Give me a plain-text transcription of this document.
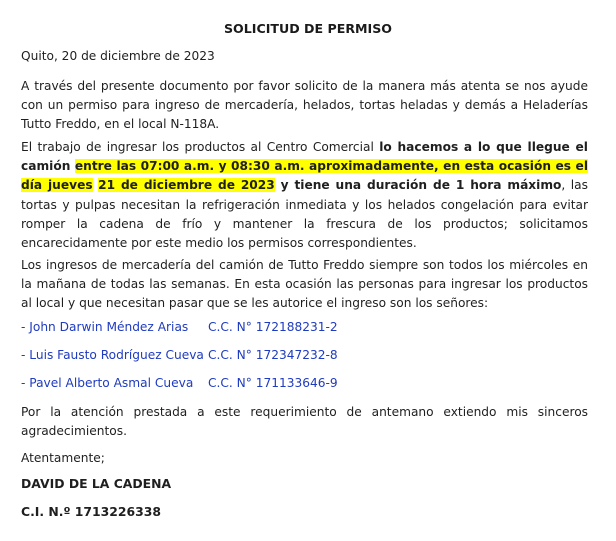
SOLICITUD DE PERMISO
Quito, 20 de diciembre de 2023
A través del presente documento por favor solicito de la manera más atenta se nos ayude con un permiso para ingreso de mercadería, helados, tortas heladas y demás a Heladerías Tutto Freddo, en el local N-118A.
El trabajo de ingresar los productos al Centro Comercial lo hacemos a lo que llegue el camión entre las 07:00 a.m. y 08:30 a.m. aproximadamente, en esta ocasión es el día jueves 21 de diciembre de 2023 y tiene una duración de 1 hora máximo, las tortas y pulpas necesitan la refrigeración inmediata y los helados congelación para evitar romper la cadena de frío y mantener la frescura de los productos; solicitamos encarecidamente por este medio los permisos correspondientes.
Los ingresos de mercadería del camión de Tutto Freddo siempre son todos los miércoles en la mañana de todas las semanas. En esta ocasión las personas para ingresar los productos al local y que necesitan pasar que se les autorice el ingreso son los señores:
- John Darwin Méndez Arias C.C. N° 172188231-2
- Luis Fausto Rodríguez Cueva C.C. N° 172347232-8
- Pavel Alberto Asmal Cueva C.C. N° 171133646-9
Por la atención prestada a este requerimiento de antemano extiendo mis sinceros agradecimientos.
Atentamente;
DAVID DE LA CADENA
C.I. N.º 1713226338
